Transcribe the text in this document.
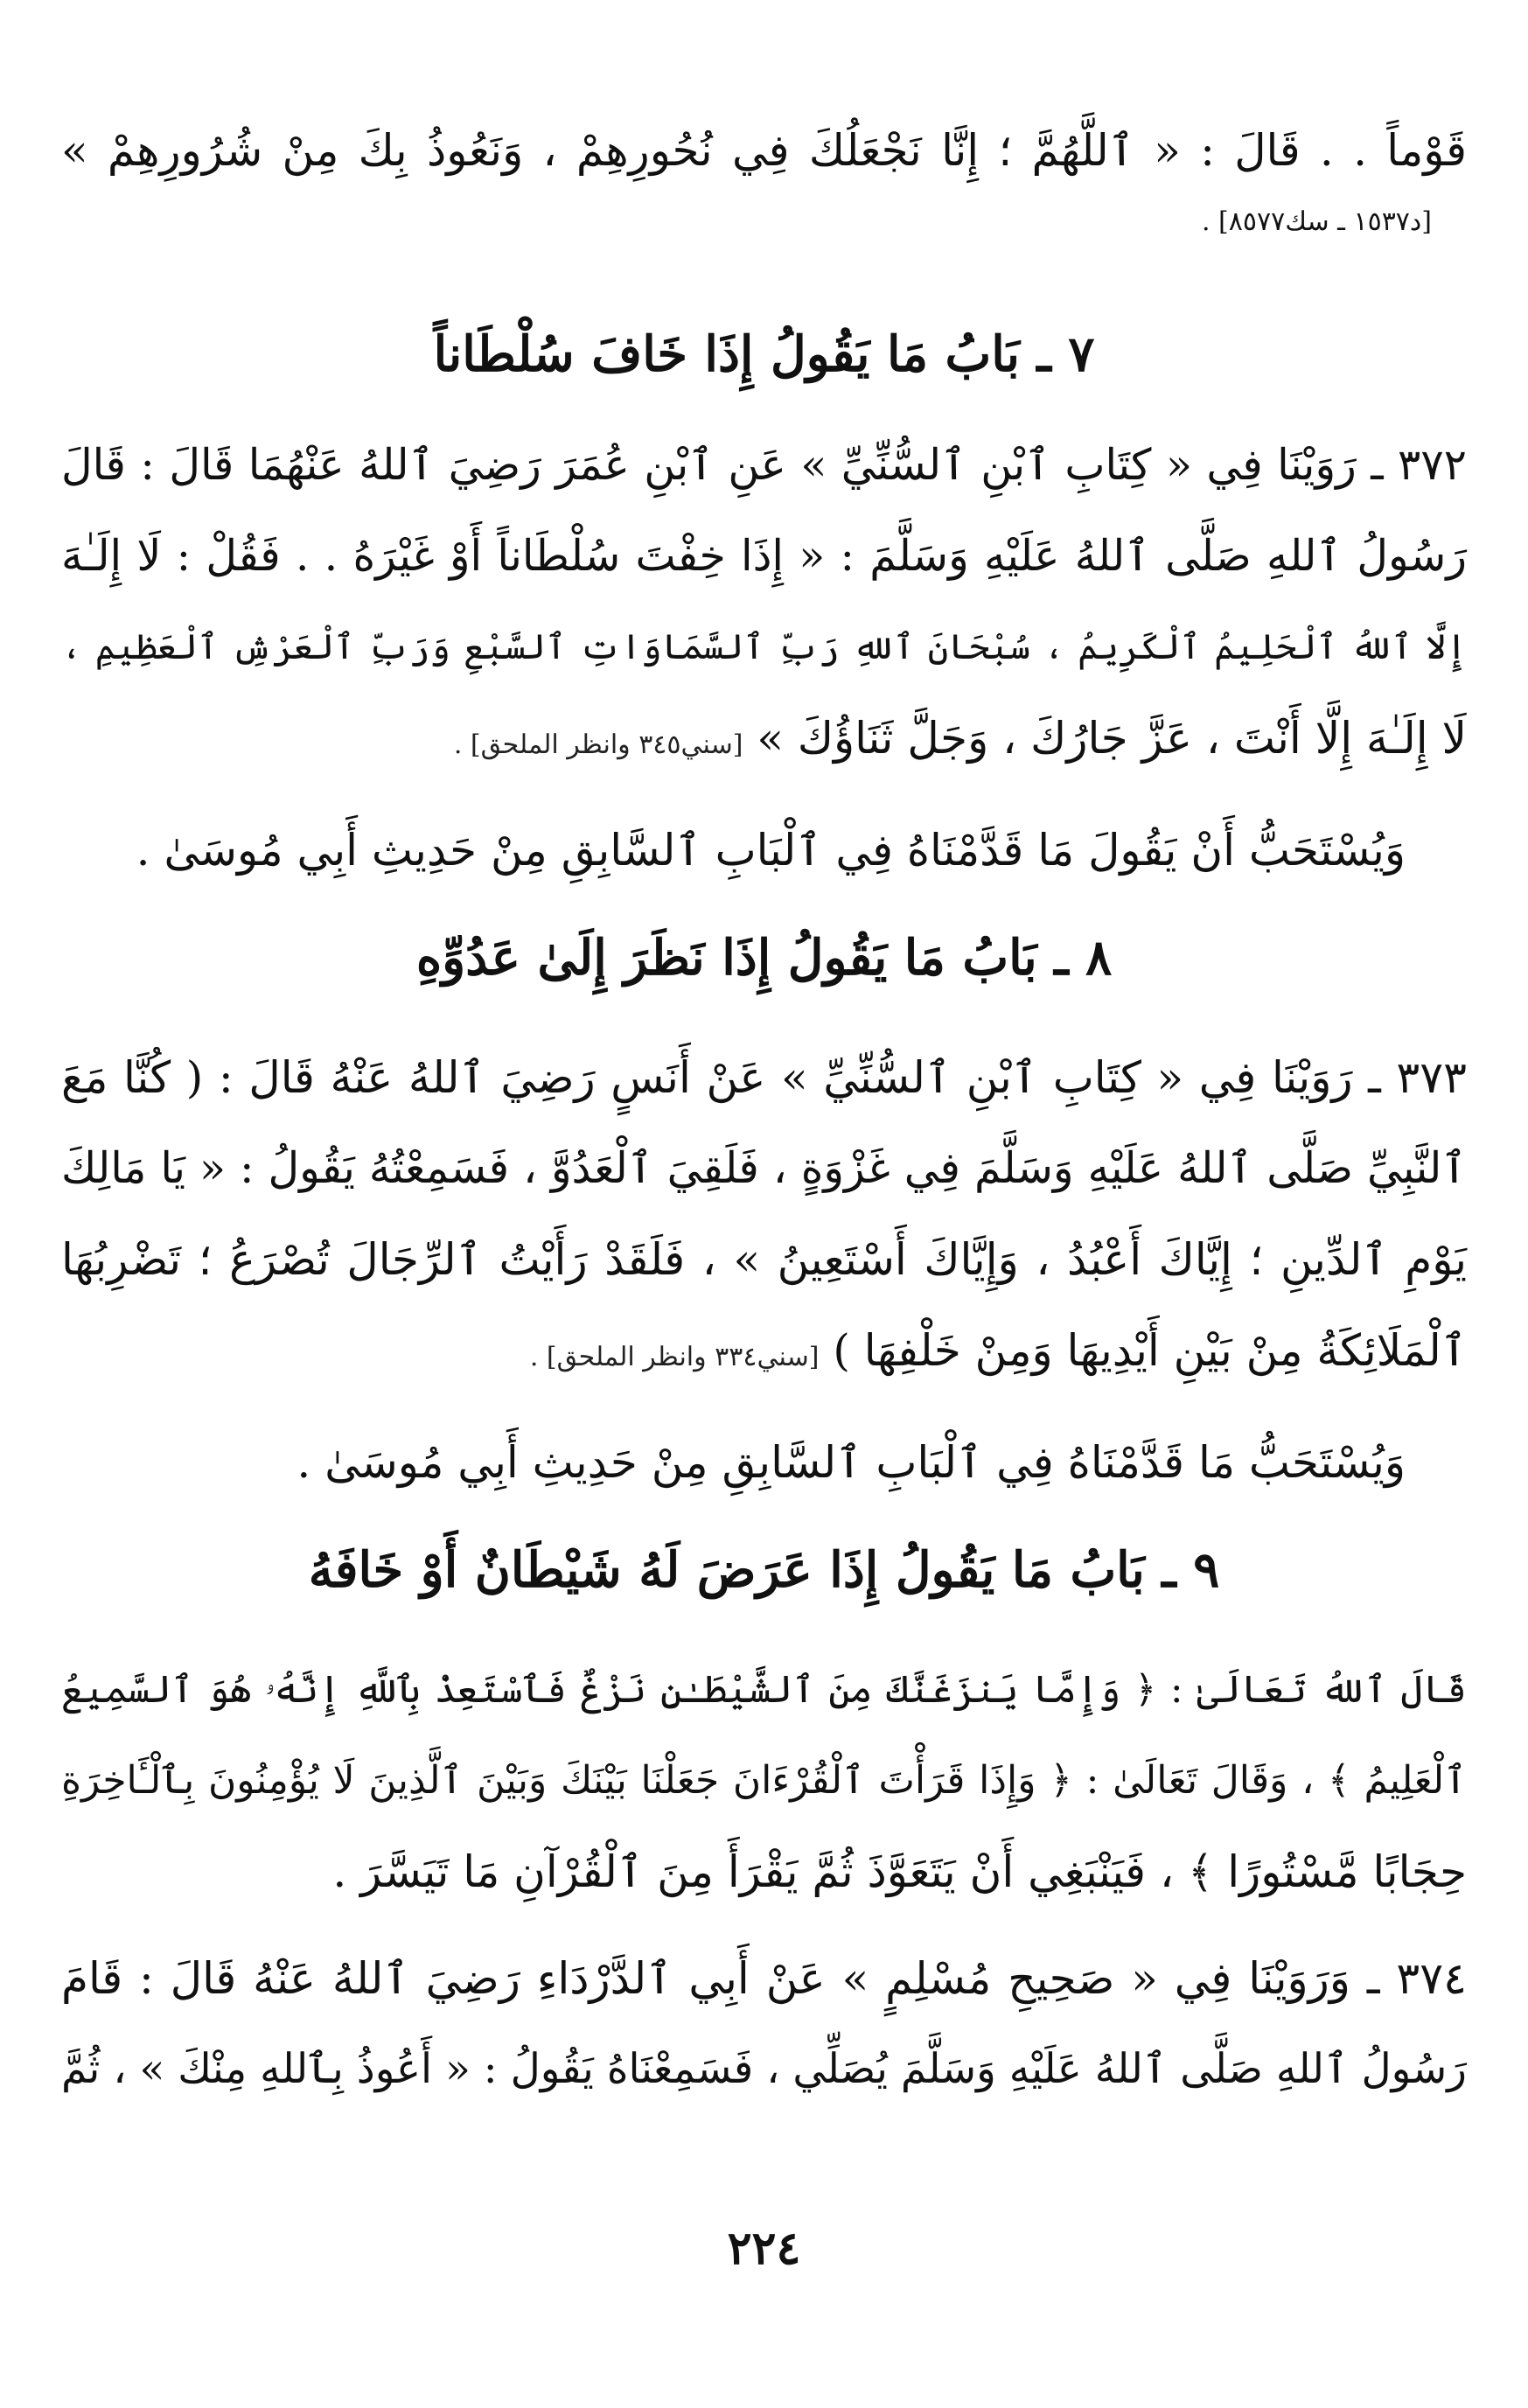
قَوْماً . . قَالَ : « ٱللَّهُمَّ ؛ إِنَّا نَجْعَلُكَ فِي نُحُورِهِمْ ، وَنَعُوذُ بِكَ مِنْ شُرُورِهِمْ »
[د١٥٣٧ ـ سك٨٥٧٧] .
٧ ـ بَابُ مَا يَقُولُ إِذَا خَافَ سُلْطَاناً
٣٧٢ ـ رَوَيْنَا فِي « كِتَابِ ٱبْنِ ٱلسُّنِّيِّ » عَنِ ٱبْنِ عُمَرَ رَضِيَ ٱللهُ عَنْهُمَا قَالَ : قَالَ
رَسُولُ ٱللهِ صَلَّى ٱللهُ عَلَيْهِ وَسَلَّمَ : « إِذَا خِفْتَ سُلْطَاناً أَوْ غَيْرَهُ . . فَقُلْ : لَا إِلَـٰهَ
إِلَّا ٱللهُ ٱلْحَلِيمُ ٱلْكَرِيمُ ، سُبْحَانَ ٱللهِ رَبِّ ٱلسَّمَاوَاتِ ٱلسَّبْعِ وَرَبِّ ٱلْعَرْشِ ٱلْعَظِيمِ ،
لَا إِلَـٰهَ إِلَّا أَنْتَ ، عَزَّ جَارُكَ ، وَجَلَّ ثَنَاؤُكَ » [سني٣٤٥ وانظر الملحق] .
وَيُسْتَحَبُّ أَنْ يَقُولَ مَا قَدَّمْنَاهُ فِي ٱلْبَابِ ٱلسَّابِقِ مِنْ حَدِيثِ أَبِي مُوسَىٰ .
٨ ـ بَابُ مَا يَقُولُ إِذَا نَظَرَ إِلَىٰ عَدُوِّهِ
٣٧٣ ـ رَوَيْنَا فِي « كِتَابِ ٱبْنِ ٱلسُّنِّيِّ » عَنْ أَنَسٍ رَضِيَ ٱللهُ عَنْهُ قَالَ : ( كُنَّا مَعَ
ٱلنَّبِيِّ صَلَّى ٱللهُ عَلَيْهِ وَسَلَّمَ فِي غَزْوَةٍ ، فَلَقِيَ ٱلْعَدُوَّ ، فَسَمِعْتُهُ يَقُولُ : « يَا مَالِكَ
يَوْمِ ٱلدِّينِ ؛ إِيَّاكَ أَعْبُدُ ، وَإِيَّاكَ أَسْتَعِينُ » ، فَلَقَدْ رَأَيْتُ ٱلرِّجَالَ تُصْرَعُ ؛ تَضْرِبُهَا
ٱلْمَلَائِكَةُ مِنْ بَيْنِ أَيْدِيهَا وَمِنْ خَلْفِهَا ) [سني٣٣٤ وانظر الملحق] .
وَيُسْتَحَبُّ مَا قَدَّمْنَاهُ فِي ٱلْبَابِ ٱلسَّابِقِ مِنْ حَدِيثِ أَبِي مُوسَىٰ .
٩ ـ بَابُ مَا يَقُولُ إِذَا عَرَضَ لَهُ شَيْطَانٌ أَوْ خَافَهُ
قَالَ ٱللهُ تَعَالَىٰ : ﴿ وَإِمَّا يَنزَغَنَّكَ مِنَ ٱلشَّيْطَـٰنِ نَزْغٌ فَٱسْتَعِذْ بِٱللَّهِ إِنَّهُۥ هُوَ ٱلسَّمِيعُ
ٱلْعَلِيمُ ﴾ ، وَقَالَ تَعَالَىٰ : ﴿ وَإِذَا قَرَأْتَ ٱلْقُرْءَانَ جَعَلْنَا بَيْنَكَ وَبَيْنَ ٱلَّذِينَ لَا يُؤْمِنُونَ بِٱلْـَٔاخِرَةِ
حِجَابًا مَّسْتُورًا ﴾ ، فَيَنْبَغِي أَنْ يَتَعَوَّذَ ثُمَّ يَقْرَأَ مِنَ ٱلْقُرْآنِ مَا تَيَسَّرَ .
٣٧٤ ـ وَرَوَيْنَا فِي « صَحِيحِ مُسْلِمٍ » عَنْ أَبِي ٱلدَّرْدَاءِ رَضِيَ ٱللهُ عَنْهُ قَالَ : قَامَ
رَسُولُ ٱللهِ صَلَّى ٱللهُ عَلَيْهِ وَسَلَّمَ يُصَلِّي ، فَسَمِعْنَاهُ يَقُولُ : « أَعُوذُ بِٱللهِ مِنْكَ » ، ثُمَّ
٢٢٤
